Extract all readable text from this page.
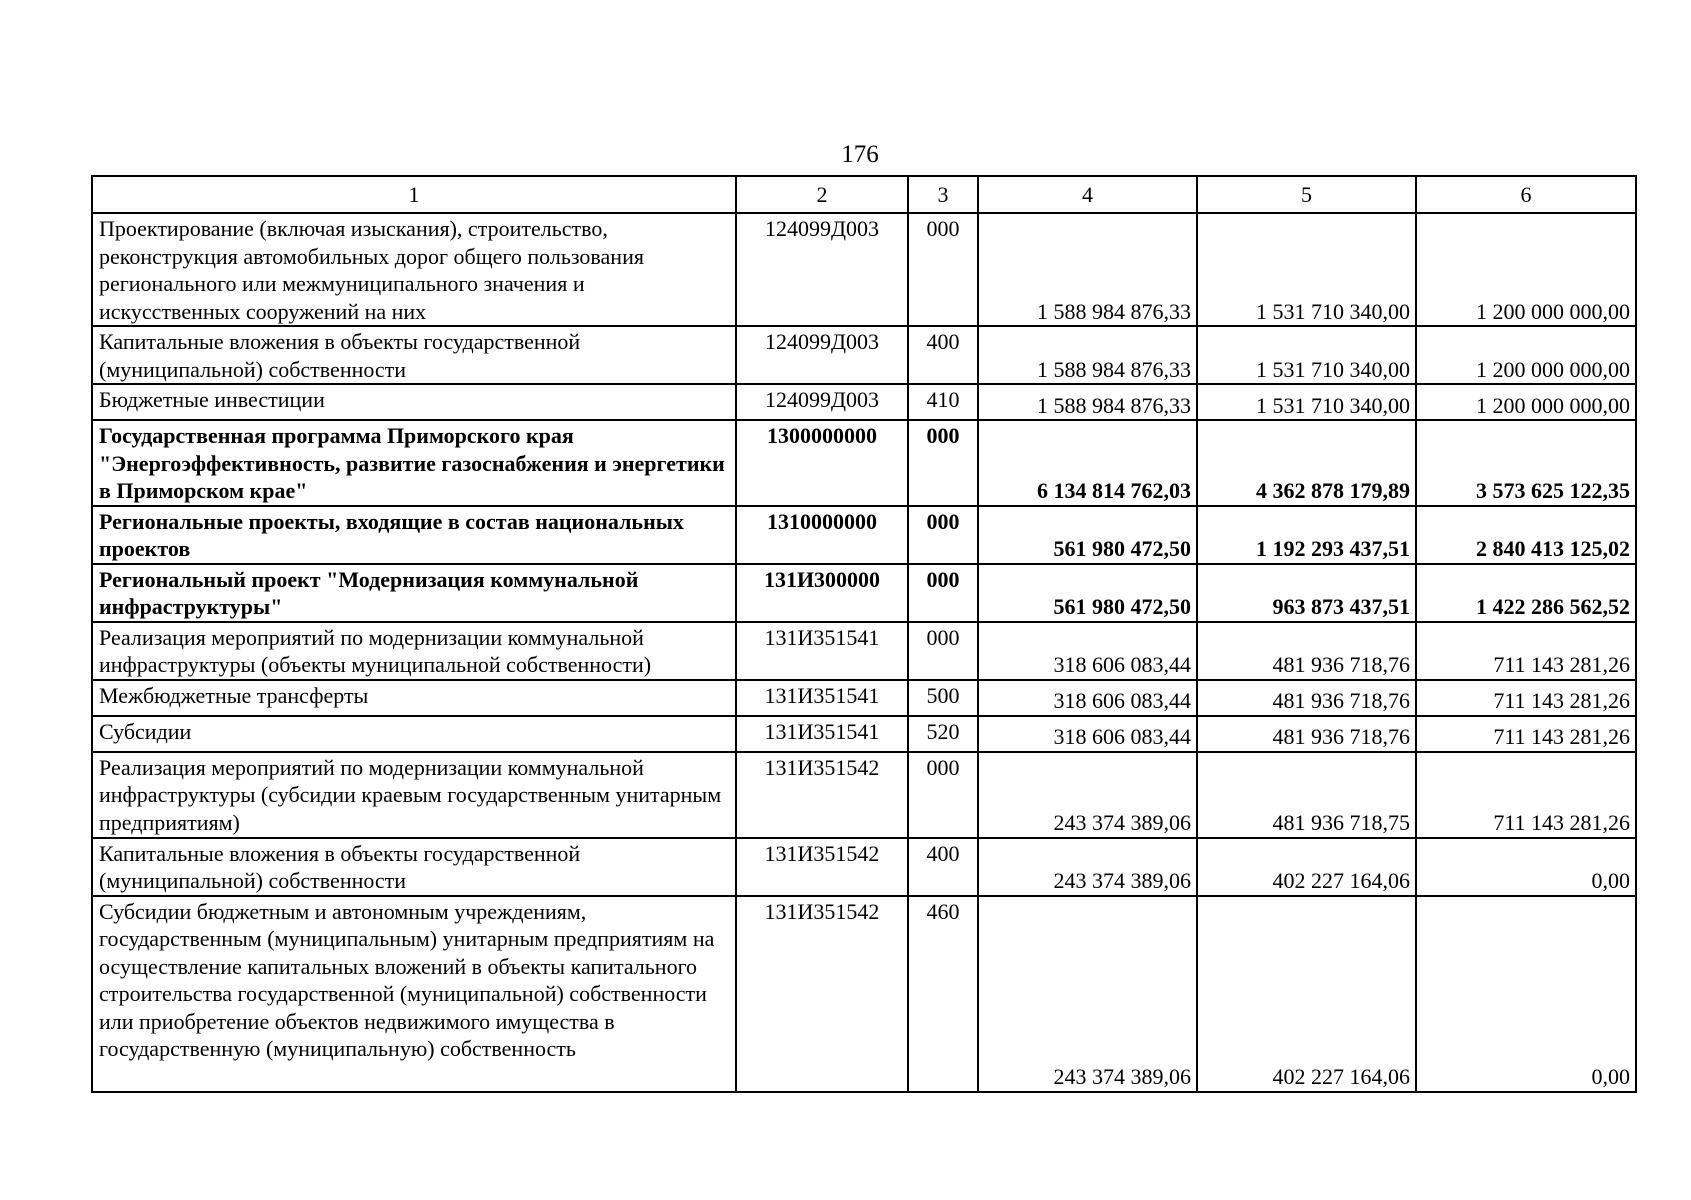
176
1	2	3	4	5	6
Проектирование (включая изыскания), строительство, реконструкция автомобильных дорог общего пользования регионального или межмуниципального значения и искусственных сооружений на них	124099Д003	000	1 588 984 876,33	1 531 710 340,00	1 200 000 000,00
Капитальные вложения в объекты государственной (муниципальной) собственности	124099Д003	400	1 588 984 876,33	1 531 710 340,00	1 200 000 000,00
Бюджетные инвестиции	124099Д003	410	1 588 984 876,33	1 531 710 340,00	1 200 000 000,00
Государственная программа Приморского края "Энергоэффективность, развитие газоснабжения и энергетики в Приморском крае"	1300000000	000	6 134 814 762,03	4 362 878 179,89	3 573 625 122,35
Региональные проекты, входящие в состав национальных проектов	1310000000	000	561 980 472,50	1 192 293 437,51	2 840 413 125,02
Региональный проект "Модернизация коммунальной инфраструктуры"	131И300000	000	561 980 472,50	963 873 437,51	1 422 286 562,52
Реализация мероприятий по модернизации коммунальной инфраструктуры (объекты муниципальной собственности)	131И351541	000	318 606 083,44	481 936 718,76	711 143 281,26
Межбюджетные трансферты	131И351541	500	318 606 083,44	481 936 718,76	711 143 281,26
Субсидии	131И351541	520	318 606 083,44	481 936 718,76	711 143 281,26
Реализация мероприятий по модернизации коммунальной инфраструктуры (субсидии краевым государственным унитарным предприятиям)	131И351542	000	243 374 389,06	481 936 718,75	711 143 281,26
Капитальные вложения в объекты государственной (муниципальной) собственности	131И351542	400	243 374 389,06	402 227 164,06	0,00
Субсидии бюджетным и автономным учреждениям, государственным (муниципальным) унитарным предприятиям на осуществление капитальных вложений в объекты капитального строительства государственной (муниципальной) собственности или приобретение объектов недвижимого имущества в государственную (муниципальную) собственность	131И351542	460	243 374 389,06	402 227 164,06	0,00
